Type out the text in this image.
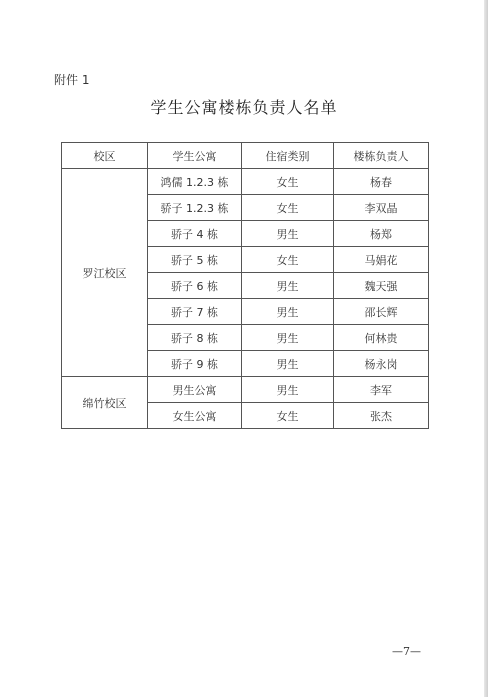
附件 1
学生公寓楼栋负责人名单
校区	学生公寓	住宿类别	楼栋负责人
罗江校区	鸿儒 1.2.3 栋	女生	杨春
	骄子 1.2.3 栋	女生	李双晶
	骄子 4 栋	男生	杨郑
	骄子 5 栋	女生	马娟花
	骄子 6 栋	男生	魏天强
	骄子 7 栋	男生	邵长辉
	骄子 8 栋	男生	何林贵
	骄子 9 栋	男生	杨永岗
绵竹校区	男生公寓	男生	李军
	女生公寓	女生	张杰
—7—
